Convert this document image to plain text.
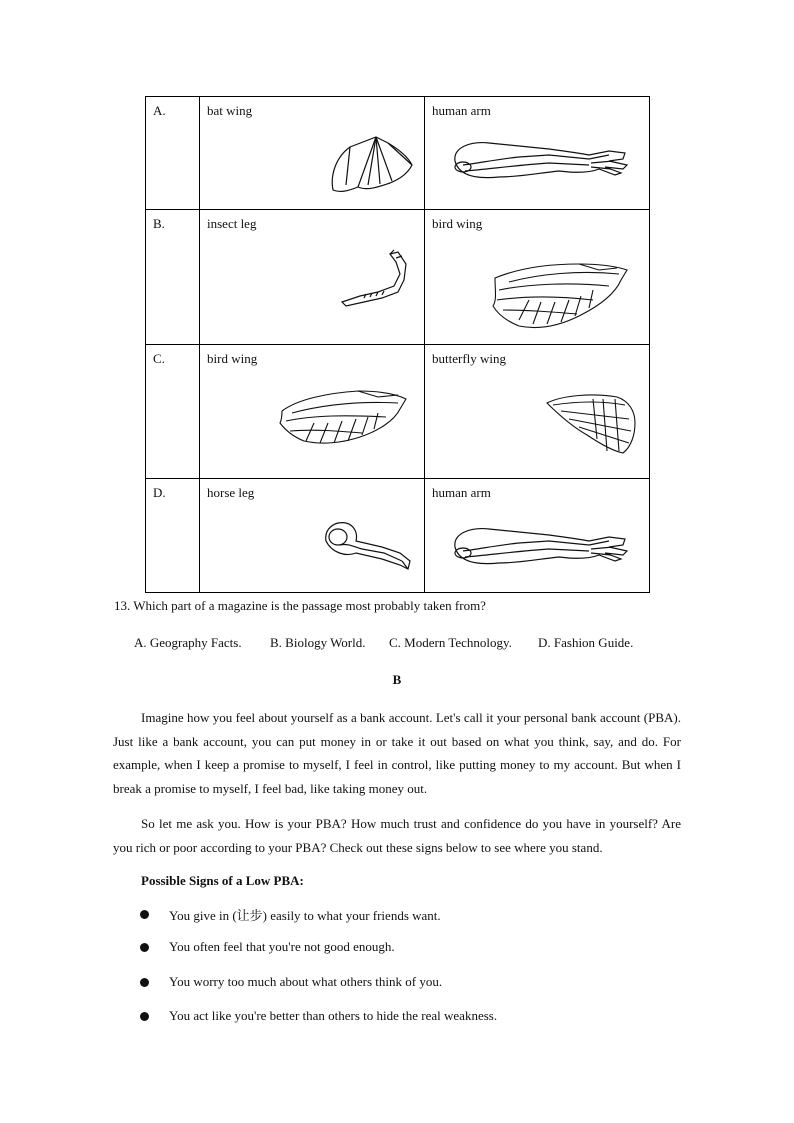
A.	bat wing	human arm

B.	insect leg	bird wing

C.	bird wing	butterfly wing

D.	horse leg	human arm
13. Which part of a magazine is the passage most probably taken from?
A. Geography Facts.	B. Biology World.	C. Modern Technology.	D. Fashion Guide.
B

Imagine how you feel about yourself as a bank account. Let's call it your personal bank account (PBA). Just like a bank account, you can put money in or take it out based on what you think, say, and do. For example, when I keep a promise to myself, I feel in control, like putting money to my account. But when I break a promise to myself, I feel bad, like taking money out.

So let me ask you. How is your PBA? How much trust and confidence do you have in yourself? Are you rich or poor according to your PBA? Check out these signs below to see where you stand.

Possible Signs of a Low PBA:
You give in (让步) easily to what your friends want.
You often feel that you're not good enough.
You worry too much about what others think of you.
You act like you're better than others to hide the real weakness.
